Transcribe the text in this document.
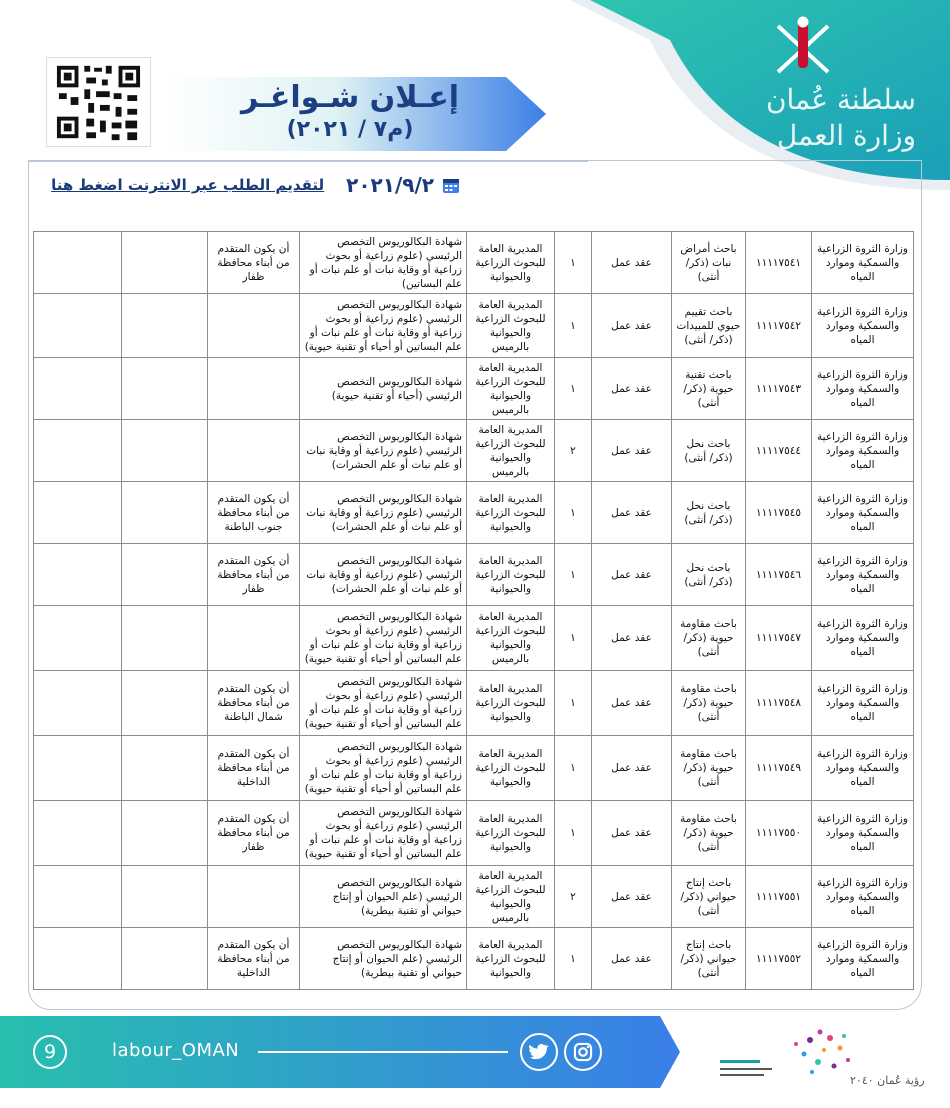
سلطنة عُمان
وزارة العمل
إعـلان شـواغـر
(م٧ / ٢٠٢١)
٢٠٢١/٩/٢
لتقديم الطلب عبر الانترنت اضغط هنا
وزارة الثروة الزراعية والسمكية وموارد المياه	١١١١٧٥٤١	باحث أمراض نبات (ذكر/أنثى)	عقد عمل	١	المديرية العامة للبحوث الزراعية والحيوانية	شهادة البكالوريوس التخصص الرئيسي (علوم زراعية أو بحوث زراعية أو وقاية نبات أو علم نبات أو علم البساتين)	أن يكون المتقدم من أبناء محافظة ظفار		
وزارة الثروة الزراعية والسمكية وموارد المياه	١١١١٧٥٤٢	باحث تقييم حيوي للمبيدات (ذكر/ أنثى)	عقد عمل	١	المديرية العامة للبحوث الزراعية والحيوانية بالرميس	شهادة البكالوريوس التخصص الرئيسي (علوم زراعية أو بحوث زراعية أو وقاية نبات أو علم نبات أو علم البساتين أو أحياء أو تقنية حيوية)			
وزارة الثروة الزراعية والسمكية وموارد المياه	١١١١٧٥٤٣	باحث تقنية حيوية (ذكر/أنثى)	عقد عمل	١	المديرية العامة للبحوث الزراعية والحيوانية بالرميس	شهادة البكالوريوس التخصص الرئيسي (أحياء أو تقنية حيوية)			
وزارة الثروة الزراعية والسمكية وموارد المياه	١١١١٧٥٤٤	باحث نحل (ذكر/ أنثى)	عقد عمل	٢	المديرية العامة للبحوث الزراعية والحيوانية بالرميس	شهادة البكالوريوس التخصص الرئيسي (علوم زراعية أو وقاية نبات أو علم نبات أو علم الحشرات)			
وزارة الثروة الزراعية والسمكية وموارد المياه	١١١١٧٥٤٥	باحث نحل (ذكر/ أنثى)	عقد عمل	١	المديرية العامة للبحوث الزراعية والحيوانية	شهادة البكالوريوس التخصص الرئيسي (علوم زراعية أو وقاية نبات أو علم نبات أو علم الحشرات)	أن يكون المتقدم من أبناء محافظة جنوب الباطنة		
وزارة الثروة الزراعية والسمكية وموارد المياه	١١١١٧٥٤٦	باحث نحل (ذكر/ أنثى)	عقد عمل	١	المديرية العامة للبحوث الزراعية والحيوانية	شهادة البكالوريوس التخصص الرئيسي (علوم زراعية أو وقاية نبات أو علم نبات أو علم الحشرات)	أن يكون المتقدم من أبناء محافظة ظفار		
وزارة الثروة الزراعية والسمكية وموارد المياه	١١١١٧٥٤٧	باحث مقاومة حيوية (ذكر/أنثى)	عقد عمل	١	المديرية العامة للبحوث الزراعية والحيوانية بالرميس	شهادة البكالوريوس التخصص الرئيسي (علوم زراعية أو بحوث زراعية أو وقاية نبات أو علم نبات أو علم البساتين أو أحياء أو تقنية حيوية)			
وزارة الثروة الزراعية والسمكية وموارد المياه	١١١١٧٥٤٨	باحث مقاومة حيوية (ذكر/أنثى)	عقد عمل	١	المديرية العامة للبحوث الزراعية والحيوانية	شهادة البكالوريوس التخصص الرئيسي (علوم زراعية أو بحوث زراعية أو وقاية نبات أو علم نبات أو علم البساتين أو أحياء أو تقنية حيوية)	أن يكون المتقدم من أبناء محافظة شمال الباطنة		
وزارة الثروة الزراعية والسمكية وموارد المياه	١١١١٧٥٤٩	باحث مقاومة حيوية (ذكر/أنثى)	عقد عمل	١	المديرية العامة للبحوث الزراعية والحيوانية	شهادة البكالوريوس التخصص الرئيسي (علوم زراعية أو بحوث زراعية أو وقاية نبات أو علم نبات أو علم البساتين أو أحياء أو تقنية حيوية)	أن يكون المتقدم من أبناء محافظة الداخلية		
وزارة الثروة الزراعية والسمكية وموارد المياه	١١١١٧٥٥٠	باحث مقاومة حيوية (ذكر/أنثى)	عقد عمل	١	المديرية العامة للبحوث الزراعية والحيوانية	شهادة البكالوريوس التخصص الرئيسي (علوم زراعية أو بحوث زراعية أو وقاية نبات أو علم نبات أو علم البساتين أو أحياء أو تقنية حيوية)	أن يكون المتقدم من أبناء محافظة ظفار		
وزارة الثروة الزراعية والسمكية وموارد المياه	١١١١٧٥٥١	باحث إنتاج حيواني (ذكر/أنثى)	عقد عمل	٢	المديرية العامة للبحوث الزراعية والحيوانية بالرميس	شهادة البكالوريوس التخصص الرئيسي (علم الحيوان أو إنتاج حيواني أو تقنية بيطرية)			
وزارة الثروة الزراعية والسمكية وموارد المياه	١١١١٧٥٥٢	باحث إنتاج حيواني (ذكر/أنثى)	عقد عمل	١	المديرية العامة للبحوث الزراعية والحيوانية	شهادة البكالوريوس التخصص الرئيسي (علم الحيوان أو إنتاج حيواني أو تقنية بيطرية)	أن يكون المتقدم من أبناء محافظة الداخلية		
9	labour_OMAN
رؤية عُمان ٢٠٤٠
